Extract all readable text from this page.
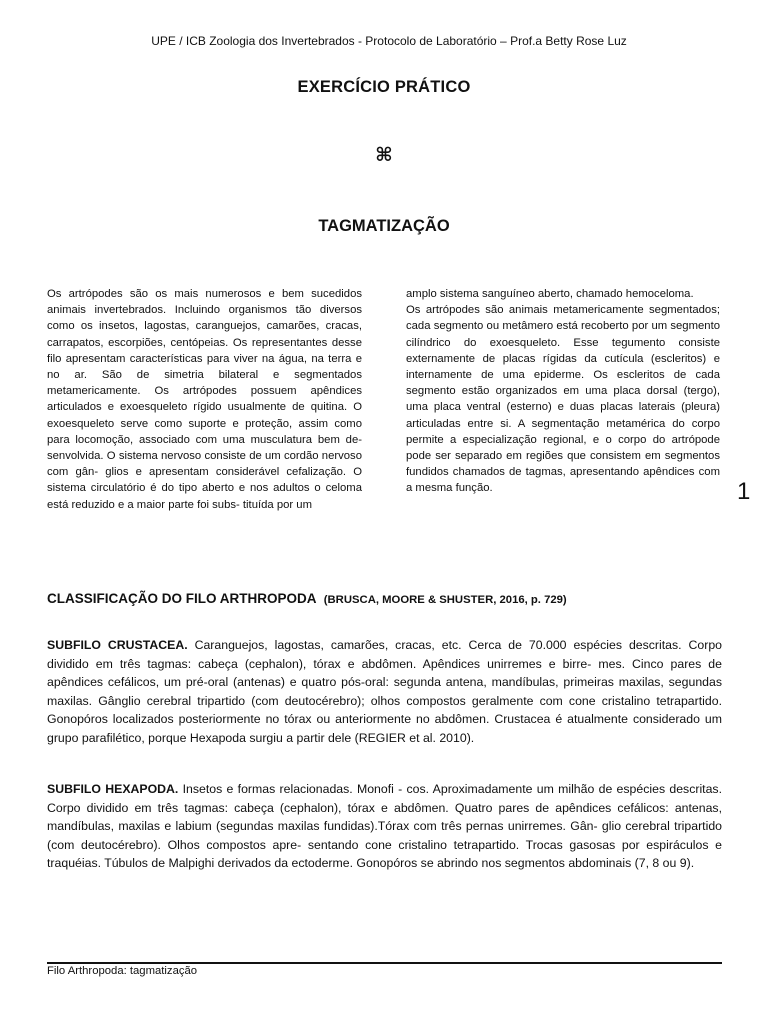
UPE / ICB Zoologia dos Invertebrados - Protocolo de Laboratório – Prof.a Betty Rose Luz
EXERCÍCIO PRÁTICO
⌘
TAGMATIZAÇÃO

Os artrópodes são os mais numerosos e bem sucedidos animais invertebrados. Incluindo organismos tão diversos como os insetos, lagostas, caranguejos, camarões, cracas, carrapatos, escorpiões, centópeias. Os representantes desse filo apresentam características para viver na água, na terra e no ar. São de simetria bilateral e segmentados metamericamente. Os artrópodes possuem apêndices articulados e exoesqueleto rígido usualmente de quitina. O exoesqueleto serve como suporte e proteção, assim como para locomoção, associado com uma musculatura bem de- senvolvida. O sistema nervoso consiste de um cordão nervoso com gân- glios e apresentam considerável cefalização. O sistema circulatório é do tipo aberto e nos adultos o celoma está reduzido e a maior parte foi subs- tituída por um

amplo sistema sanguíneo aberto, chamado hemoceloma.

Os artrópodes são animais metamericamente segmentados; cada segmento ou metâmero está recoberto por um segmento cilíndrico do exoesqueleto. Esse tegumento consiste externamente de placas rígidas da cutícula (escleritos) e internamente de uma epiderme. Os escleritos de cada segmento estão organizados em uma placa dorsal (tergo), uma placa ventral (esterno) e duas placas laterais (pleura) articuladas entre si. A segmentação metamérica do corpo permite a especialização regional, e o corpo do artrópode pode ser separado em regiões que consistem em segmentos fundidos chamados de tagmas, apresentando apêndices com a mesma função.	1
CLASSIFICAÇÃO DO FILO ARTHROPODA (BRUSCA, MOORE & SHUSTER, 2016, p. 729)

SUBFILO CRUSTACEA. Caranguejos, lagostas, camarões, cracas, etc. Cerca de 70.000 espécies descritas. Corpo dividido em três tagmas: cabeça (cephalon), tórax e abdômen. Apêndices unirremes e birre- mes. Cinco pares de apêndices cefálicos, um pré-oral (antenas) e quatro pós-oral: segunda antena, mandíbulas, primeiras maxilas, segundas maxilas. Gânglio cerebral tripartido (com deutocérebro); olhos compostos geralmente com cone cristalino tetrapartido. Gonopóros localizados posteriormente no tórax ou anteriormente no abdômen. Crustacea é atualmente considerado um grupo parafilético, porque Hexapoda surgiu a partir dele (REGIER et al. 2010).

SUBFILO HEXAPODA. Insetos e formas relacionadas. Monofi - cos. Aproximadamente um milhão de espécies descritas. Corpo dividido em três tagmas: cabeça (cephalon), tórax e abdômen. Quatro pares de apêndices cefálicos: antenas, mandíbulas, maxilas e labium (segundas maxilas fundidas).Tórax com três pernas unirremes. Gân- glio cerebral tripartido (com deutocérebro). Olhos compostos apre- sentando cone cristalino tetrapartido. Trocas gasosas por espiráculos e traquéias. Túbulos de Malpighi derivados da ectoderme. Gonopóros se abrindo nos segmentos abdominais (7, 8 ou 9).

Filo Arthropoda: tagmatização
